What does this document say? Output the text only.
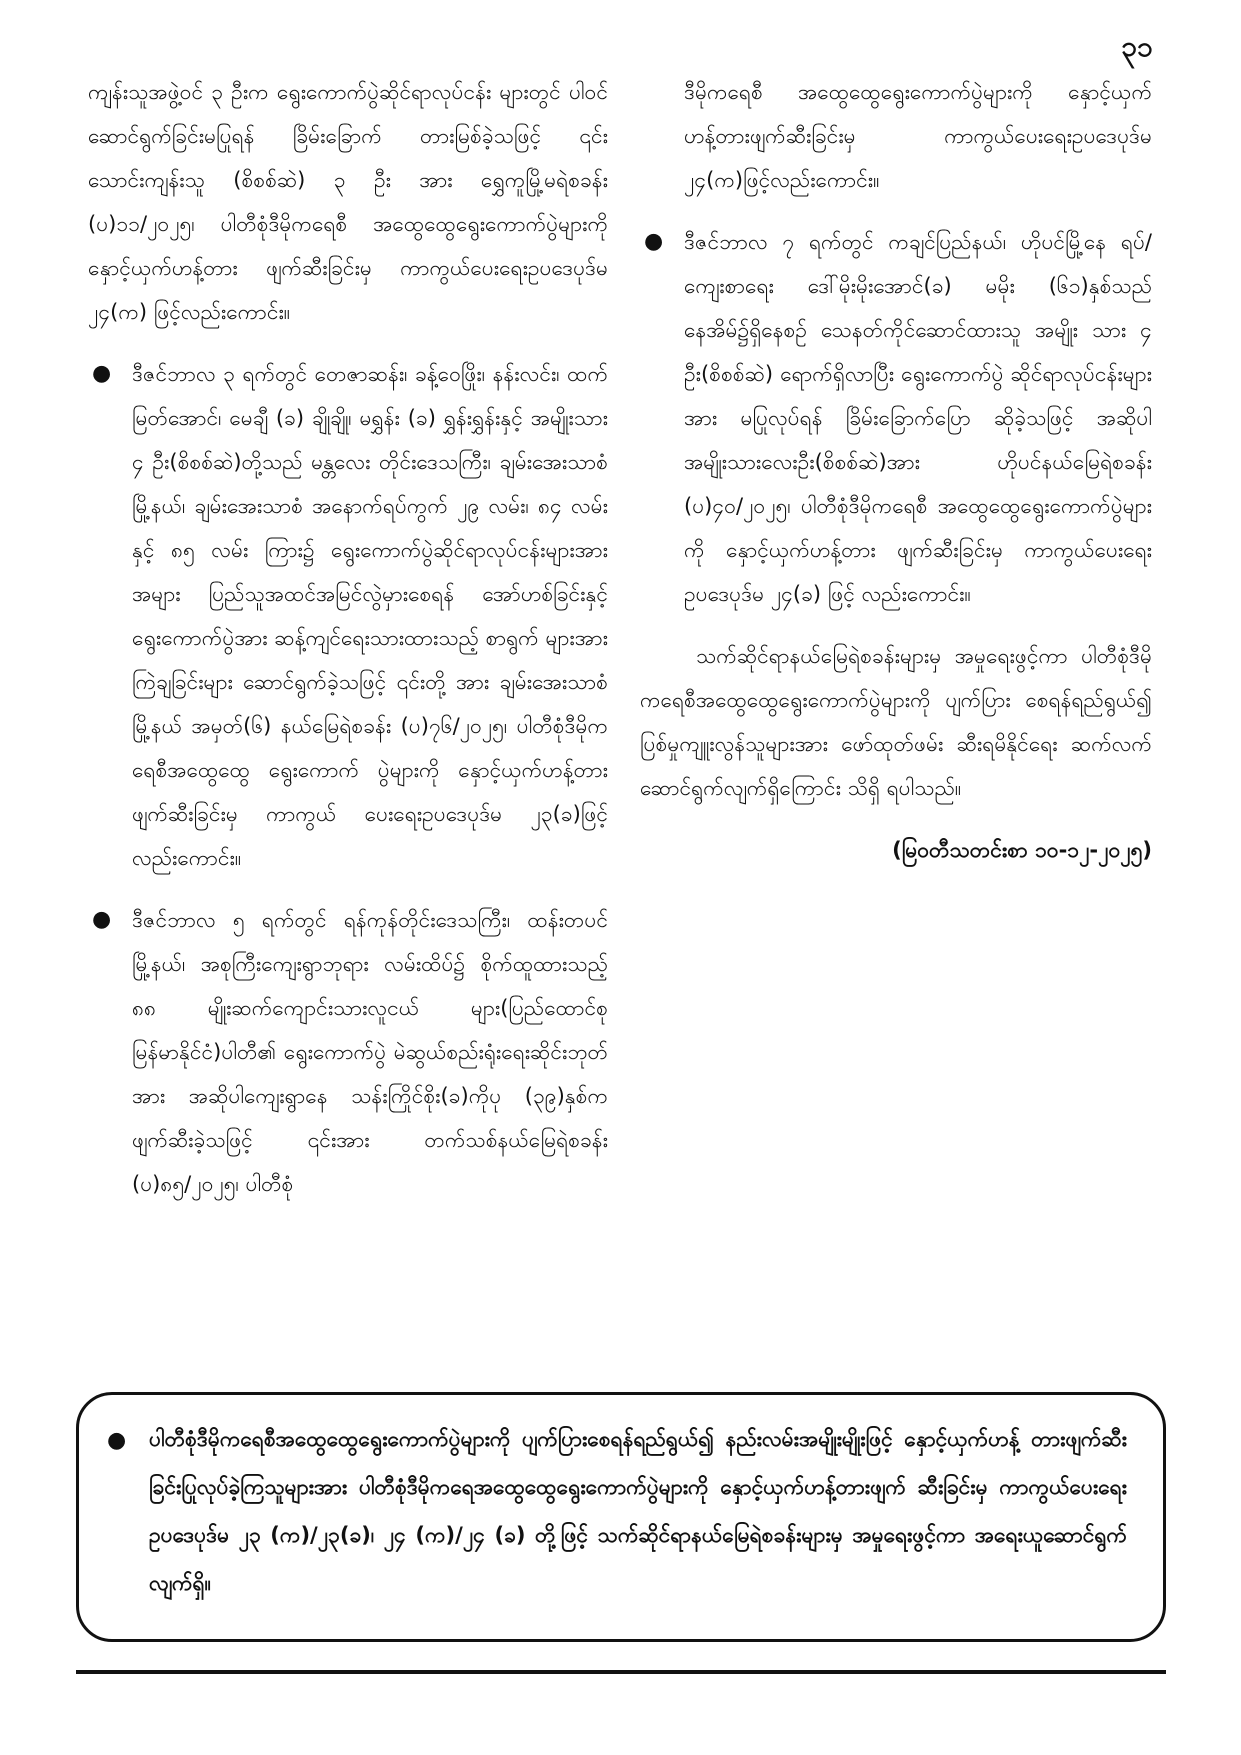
၃၁

ကျန်းသူအဖွဲ့ဝင် ၃ ဦးက ရွေးကောက်ပွဲဆိုင်ရာလုပ်ငန်း များတွင် ပါဝင်ဆောင်ရွက်ခြင်းမပြုရန် ခြိမ်းခြောက် တားမြစ်ခဲ့သဖြင့် ၎င်းသောင်းကျန်းသူ (စိစစ်ဆဲ) ၃ ဦး အား ရွှေကူမြို့မရဲစခန်း (ပ)၁၁/၂၀၂၅၊ ပါတီစုံဒီမိုကရေစီ အထွေထွေရွေးကောက်ပွဲများကို နှောင့်ယှက်ဟန့်တား ဖျက်ဆီးခြင်းမှ ကာကွယ်ပေးရေးဥပဒေပုဒ်မ ၂၄(က) ဖြင့်လည်းကောင်း။

● ဒီဇင်ဘာလ ၃ ရက်တွင် တေဇာဆန်း၊ ခန့်ဝေဖြိုး၊ နန်းလင်း၊ ထက်မြတ်အောင်၊ မေချီ (ခ) ချိုချို၊ မရွှန်း (ခ) ရွှန်းရွှန်းနှင့် အမျိုးသား ၄ ဦး(စိစစ်ဆဲ)တို့သည် မန္တလေး တိုင်းဒေသကြီး၊ ချမ်းအေးသာစံမြို့နယ်၊ ချမ်းအေးသာစံ အနောက်ရပ်ကွက် ၂၉ လမ်း၊ ၈၄ လမ်းနှင့် ၈၅ လမ်း ကြား၌ ရွေးကောက်ပွဲဆိုင်ရာလုပ်ငန်းများအား အများ ပြည်သူအထင်အမြင်လွဲမှားစေရန် အော်ဟစ်ခြင်းနှင့် ရွေးကောက်ပွဲအား ဆန့်ကျင်ရေးသားထားသည့် စာရွက် များအား ကြဲချခြင်းများ ဆောင်ရွက်ခဲ့သဖြင့် ၎င်းတို့ အား ချမ်းအေးသာစံမြို့နယ် အမှတ်(၆) နယ်မြေရဲစခန်း (ပ)၇၆/၂၀၂၅၊ ပါတီစုံဒီမိုကရေစီအထွေထွေ ရွေးကောက် ပွဲများကို နှောင့်ယှက်ဟန့်တားဖျက်ဆီးခြင်းမှ ကာကွယ် ပေးရေးဥပဒေပုဒ်မ ၂၃(ခ)ဖြင့်လည်းကောင်း။
● ဒီဇင်ဘာလ ၅ ရက်တွင် ရန်ကုန်တိုင်းဒေသကြီး၊ ထန်းတပင်မြို့နယ်၊ အစုကြီးကျေးရွာဘုရား လမ်းထိပ်၌ စိုက်ထူထားသည့် ၈၈ မျိုးဆက်ကျောင်းသားလူငယ် များ(ပြည်ထောင်စုမြန်မာနိုင်ငံ)ပါတီ၏ ရွေးကောက်ပွဲ မဲဆွယ်စည်းရုံးရေးဆိုင်းဘုတ်အား အဆိုပါကျေးရွာနေ သန်းကြိုင်စိုး(ခ)ကိုပု (၃၉)နှစ်က ဖျက်ဆီးခဲ့သဖြင့် ၎င်းအား တက်သစ်နယ်မြေရဲစခန်း (ပ)၈၅/၂၀၂၅၊ ပါတီစုံ

ဒီမိုကရေစီ အထွေထွေရွေးကောက်ပွဲများကို နှောင့်ယှက် ဟန့်တားဖျက်ဆီးခြင်းမှ ကာကွယ်ပေးရေးဥပဒေပုဒ်မ ၂၄(က)ဖြင့်လည်းကောင်း။

● ဒီဇင်ဘာလ ၇ ရက်တွင် ကချင်ပြည်နယ်၊ ဟိုပင်မြို့နေ ရပ်/ကျေးစာရေး ဒေါ်မိုးမိုးအောင်(ခ) မမိုး (၆၁)နှစ်သည် နေအိမ်၌ရှိနေစဉ် သေနတ်ကိုင်ဆောင်ထားသူ အမျိုး သား ၄ ဦး(စိစစ်ဆဲ) ရောက်ရှိလာပြီး ရွေးကောက်ပွဲ ဆိုင်ရာလုပ်ငန်းများအား မပြုလုပ်ရန် ခြိမ်းခြောက်ပြော ဆိုခဲ့သဖြင့် အဆိုပါအမျိုးသားလေးဦး(စိစစ်ဆဲ)အား ဟိုပင်နယ်မြေရဲစခန်း (ပ)၄၀/၂၀၂၅၊ ပါတီစုံဒီမိုကရေစီ အထွေထွေရွေးကောက်ပွဲများကို နှောင့်ယှက်ဟန့်တား ဖျက်ဆီးခြင်းမှ ကာကွယ်ပေးရေးဥပဒေပုဒ်မ ၂၄(ခ) ဖြင့် လည်းကောင်း။

သက်ဆိုင်ရာနယ်မြေရဲစခန်းများမှ အမှုရေးဖွင့်ကာ ပါတီစုံဒီမိုကရေစီအထွေထွေရွေးကောက်ပွဲများကို ပျက်ပြား စေရန်ရည်ရွယ်၍ ပြစ်မှုကျူးလွန်သူများအား ဖော်ထုတ်ဖမ်း ဆီးရမိနိုင်ရေး ဆက်လက်ဆောင်ရွက်လျက်ရှိကြောင်း သိရှိ ရပါသည်။

(မြဝတီသတင်းစာ ၁၀-၁၂-၂၀၂၅)
● ပါတီစုံဒီမိုကရေစီအထွေထွေရွေးကောက်ပွဲများကို ပျက်ပြားစေရန်ရည်ရွယ်၍ နည်းလမ်းအမျိုးမျိုးဖြင့် နှောင့်ယှက်ဟန့် တားဖျက်ဆီးခြင်းပြုလုပ်ခဲ့ကြသူများအား ပါတီစုံဒီမိုကရေအထွေထွေရွေးကောက်ပွဲများကို နှောင့်ယှက်ဟန့်တားဖျက် ဆီးခြင်းမှ ကာကွယ်ပေးရေးဥပဒေပုဒ်မ ၂၃ (က)/၂၃(ခ)၊ ၂၄ (က)/၂၄ (ခ) တို့ဖြင့် သက်ဆိုင်ရာနယ်မြေရဲစခန်းများမှ အမှုရေးဖွင့်ကာ အရေးယူဆောင်ရွက်လျက်ရှိ။
